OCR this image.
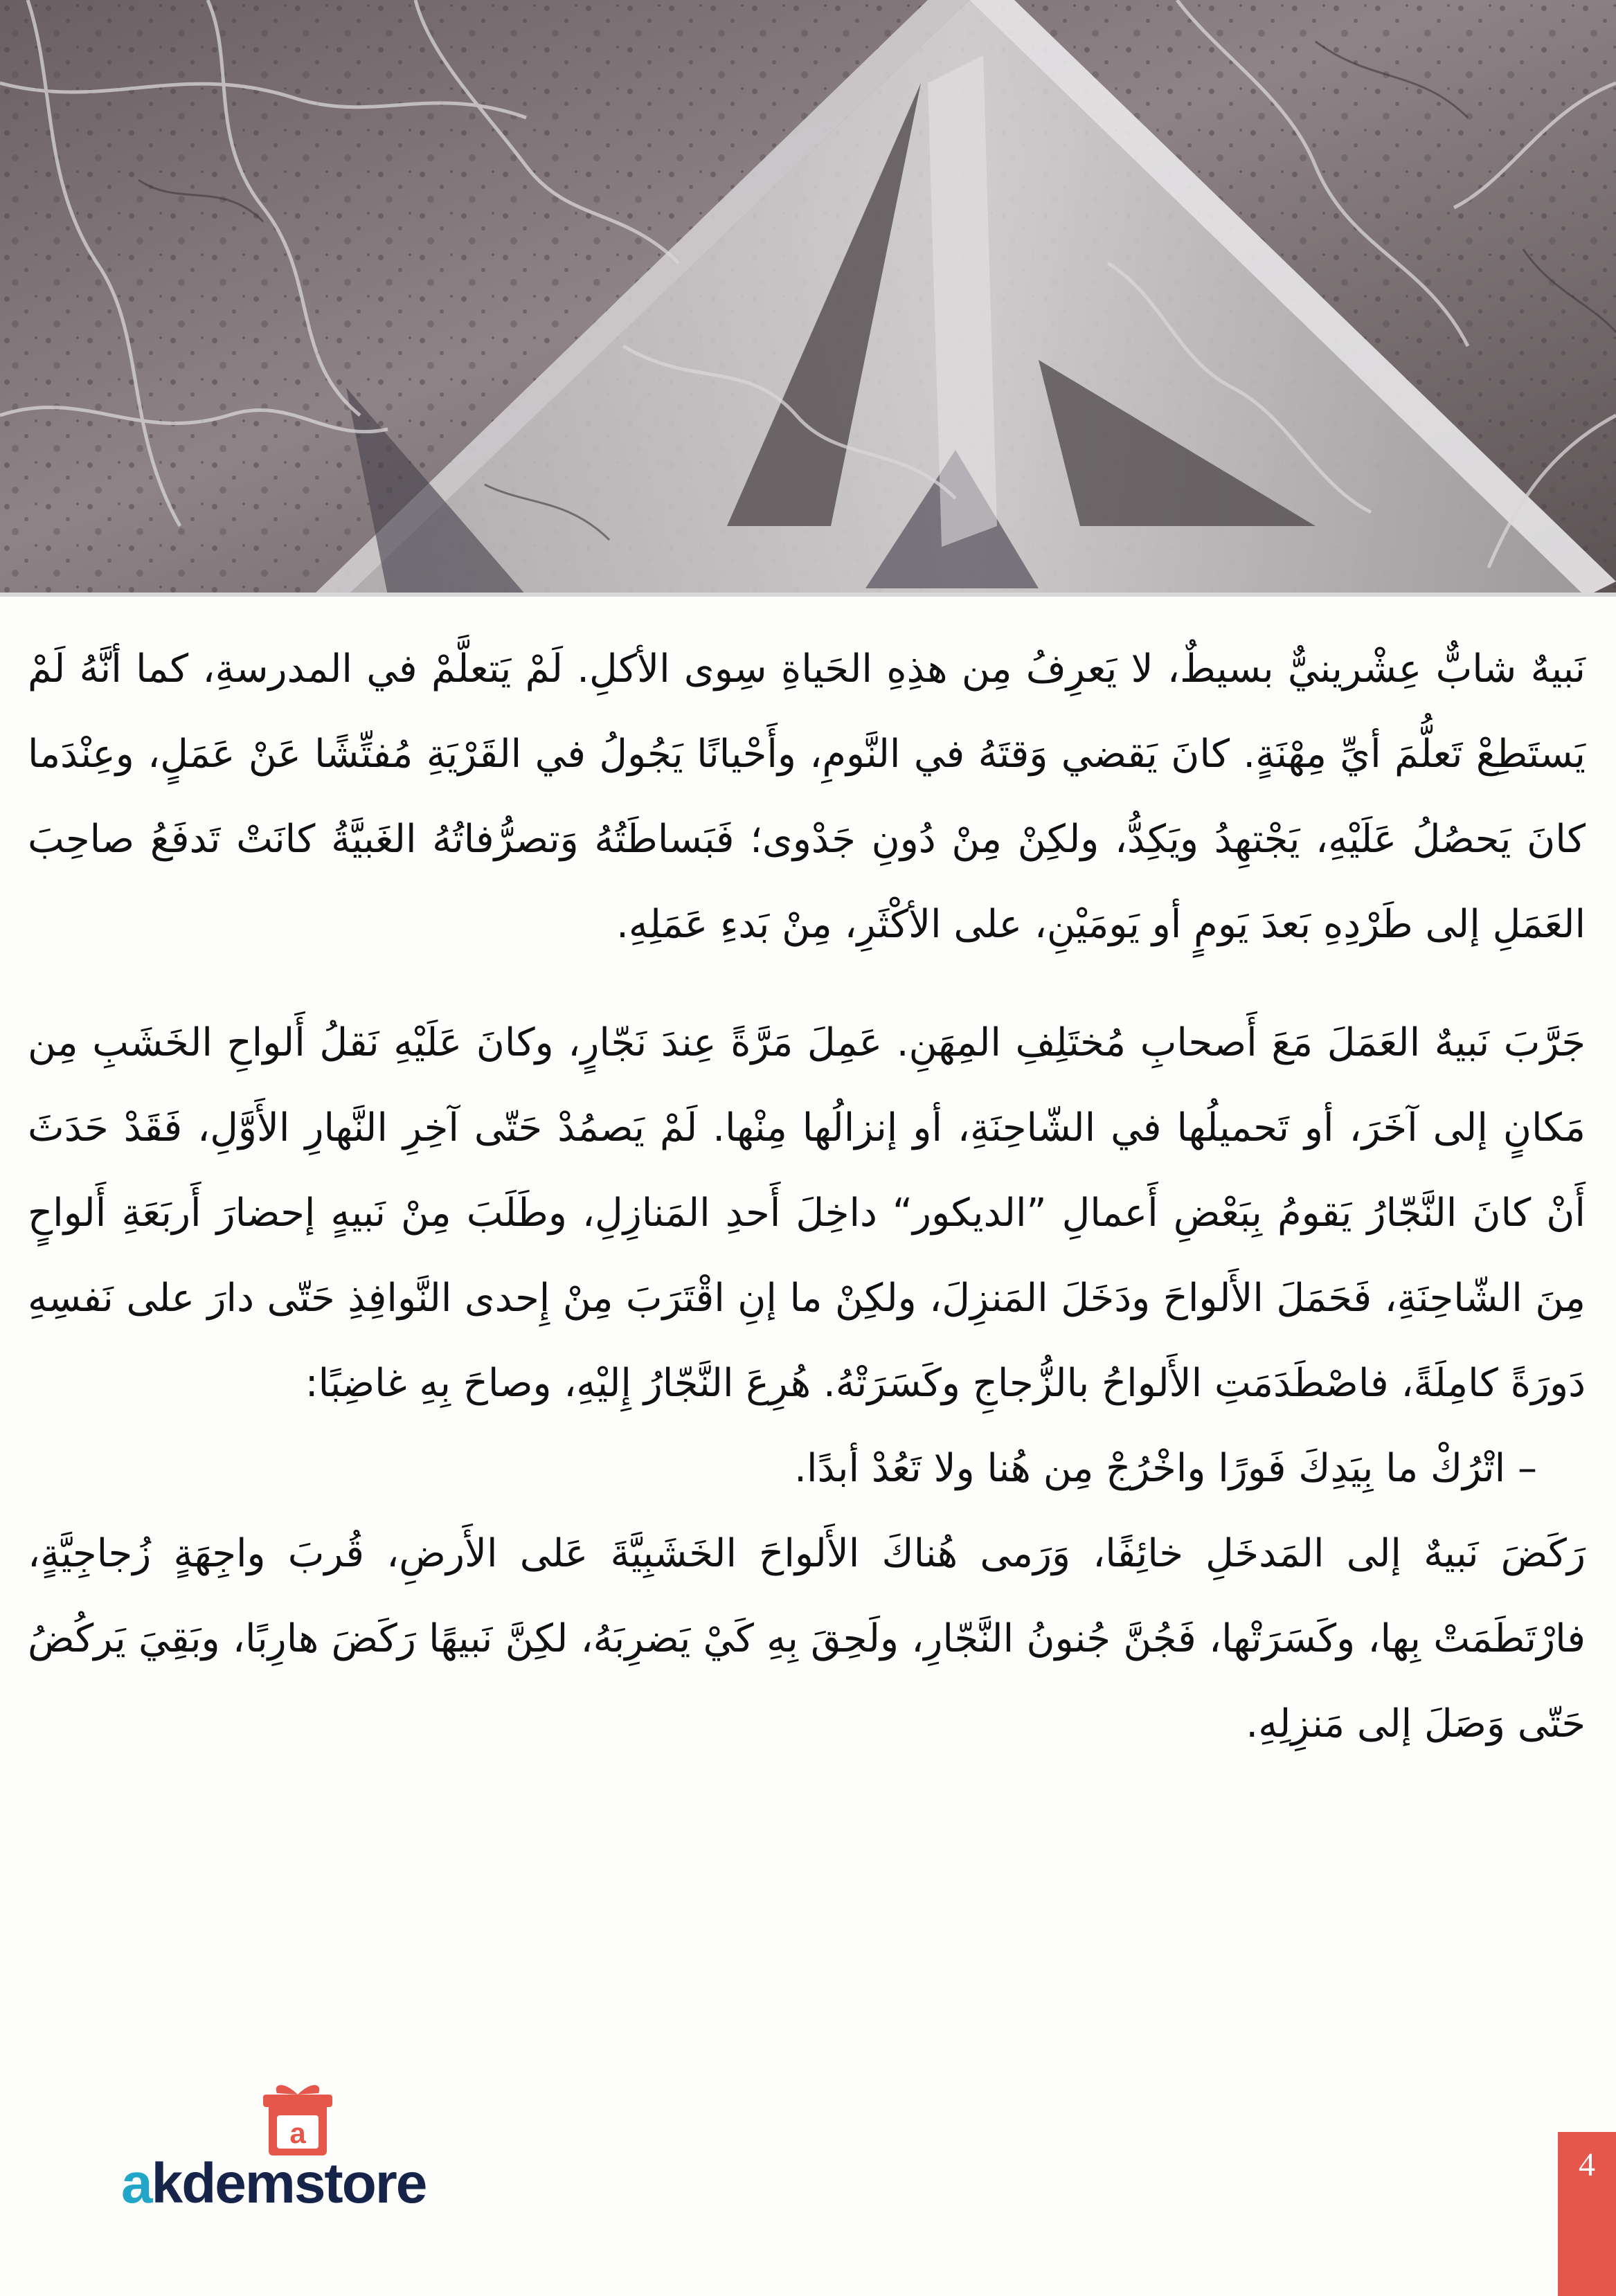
نَبيهٌ شابٌّ عِشْرينيٌّ بسيطٌ، لا يَعرِفُ مِن هذِهِ الحَياةِ سِوى الأكلِ. لَمْ يَتعلَّمْ في المدرسةِ، كما أنَّهُ لَمْ يَستَطِعْ تَعلُّمَ أيِّ مِهْنَةٍ. كانَ يَقضي وَقتَهُ في النَّومِ، وأَحْيانًا يَجُولُ في القَرْيَةِ مُفتِّشًا عَنْ عَمَلٍ، وعِنْدَما كانَ يَحصُلُ عَلَيْهِ، يَجْتهِدُ ويَكِدُّ، ولكِنْ مِنْ دُونِ جَدْوى؛ فَبَساطَتُهُ وَتصرُّفاتُهُ الغَبيَّةُ كانَتْ تَدفَعُ صاحِبَ العَمَلِ إلى طَرْدِهِ بَعدَ يَومٍ أو يَومَيْنِ، على الأكْثَرِ، مِنْ بَدءِ عَمَلِهِ.

جَرَّبَ نَبيهٌ العَمَلَ مَعَ أَصحابِ مُختَلِفِ المِهَنِ. عَمِلَ مَرَّةً عِندَ نَجّارٍ، وكانَ عَلَيْهِ نَقلُ أَلواحِ الخَشَبِ مِن مَكانٍ إلى آخَرَ، أو تَحميلُها في الشّاحِنَةِ، أو إنزالُها مِنْها. لَمْ يَصمُدْ حَتّى آخِرِ النَّهارِ الأَوَّلِ، فَقَدْ حَدَثَ أَنْ كانَ النَّجّارُ يَقومُ بِبَعْضِ أَعمالِ ”الديكور“ داخِلَ أَحدِ المَنازِلِ، وطَلَبَ مِنْ نَبيهٍ إحضارَ أَربَعَةِ أَلواحٍ مِنَ الشّاحِنَةِ، فَحَمَلَ الأَلواحَ ودَخَلَ المَنزِلَ، ولكِنْ ما إنِ اقْتَرَبَ مِنْ إِحدى النَّوافِذِ حَتّى دارَ على نَفسِهِ دَورَةً كامِلَةً، فاصْطَدَمَتِ الأَلواحُ بالزُّجاجِ وكَسَرَتْهُ. هُرِعَ النَّجّارُ إِليْهِ، وصاحَ بِهِ غاضِبًا:

– اتْرُكْ ما بِيَدِكَ فَورًا واخْرُجْ مِن هُنا ولا تَعُدْ أبدًا.

رَكَضَ نَبيهٌ إلى المَدخَلِ خائِفًا، وَرَمى هُناكَ الأَلواحَ الخَشَبِيَّةَ عَلى الأَرضِ، قُربَ واجِهَةٍ زُجاجِيَّةٍ، فارْتَطَمَتْ بِها، وكَسَرَتْها، فَجُنَّ جُنونُ النَّجّارِ، ولَحِقَ بِهِ كَيْ يَضرِبَهُ، لكِنَّ نَبيهًا رَكَضَ هارِبًا، وبَقِيَ يَركُضُ حَتّى وَصَلَ إلى مَنزِلِهِ.

a
akdemstore	4
